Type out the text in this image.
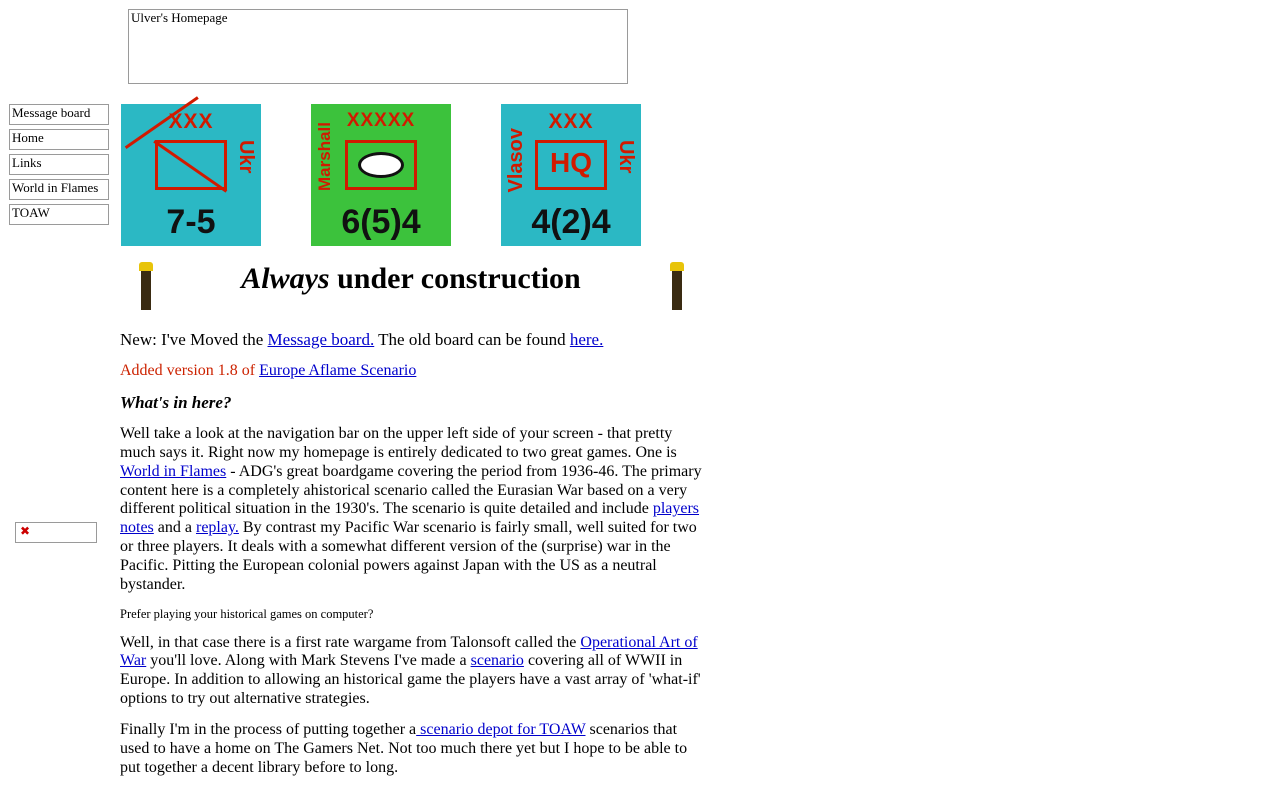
Ulver's Homepage
Message board
Home
Links
World in Flames
TOAW
XXX
Ukr
7-5
XXXXX
Marshall
6(5)4
XXX
Ukr
Vlasov HQ
4(2)4
Always under construction
✖

New: I've Moved the Message board. The old board can be found here.

Added version 1.8 of Europe Aflame Scenario

What's in here?

Well take a look at the navigation bar on the upper left side of your screen - that pretty much says it. Right now my homepage is entirely dedicated to two great games. One is World in Flames - ADG's great boardgame covering the period from 1936-46. The primary content here is a completely ahistorical scenario called the Eurasian War based on a very different political situation in the 1930's. The scenario is quite detailed and include players notes and a replay. By contrast my Pacific War scenario is fairly small, well suited for two or three players. It deals with a somewhat different version of the (surprise) war in the Pacific. Pitting the European colonial powers against Japan with the US as a neutral bystander.

Prefer playing your historical games on computer?

Well, in that case there is a first rate wargame from Talonsoft called the Operational Art of War you'll love. Along with Mark Stevens I've made a scenario covering all of WWII in Europe. In addition to allowing an historical game the players have a vast array of 'what-if' options to try out alternative strategies.

Finally I'm in the process of putting together a scenario depot for TOAW scenarios that used to have a home on The Gamers Net. Not too much there yet but I hope to be able to put together a decent library before to long.
